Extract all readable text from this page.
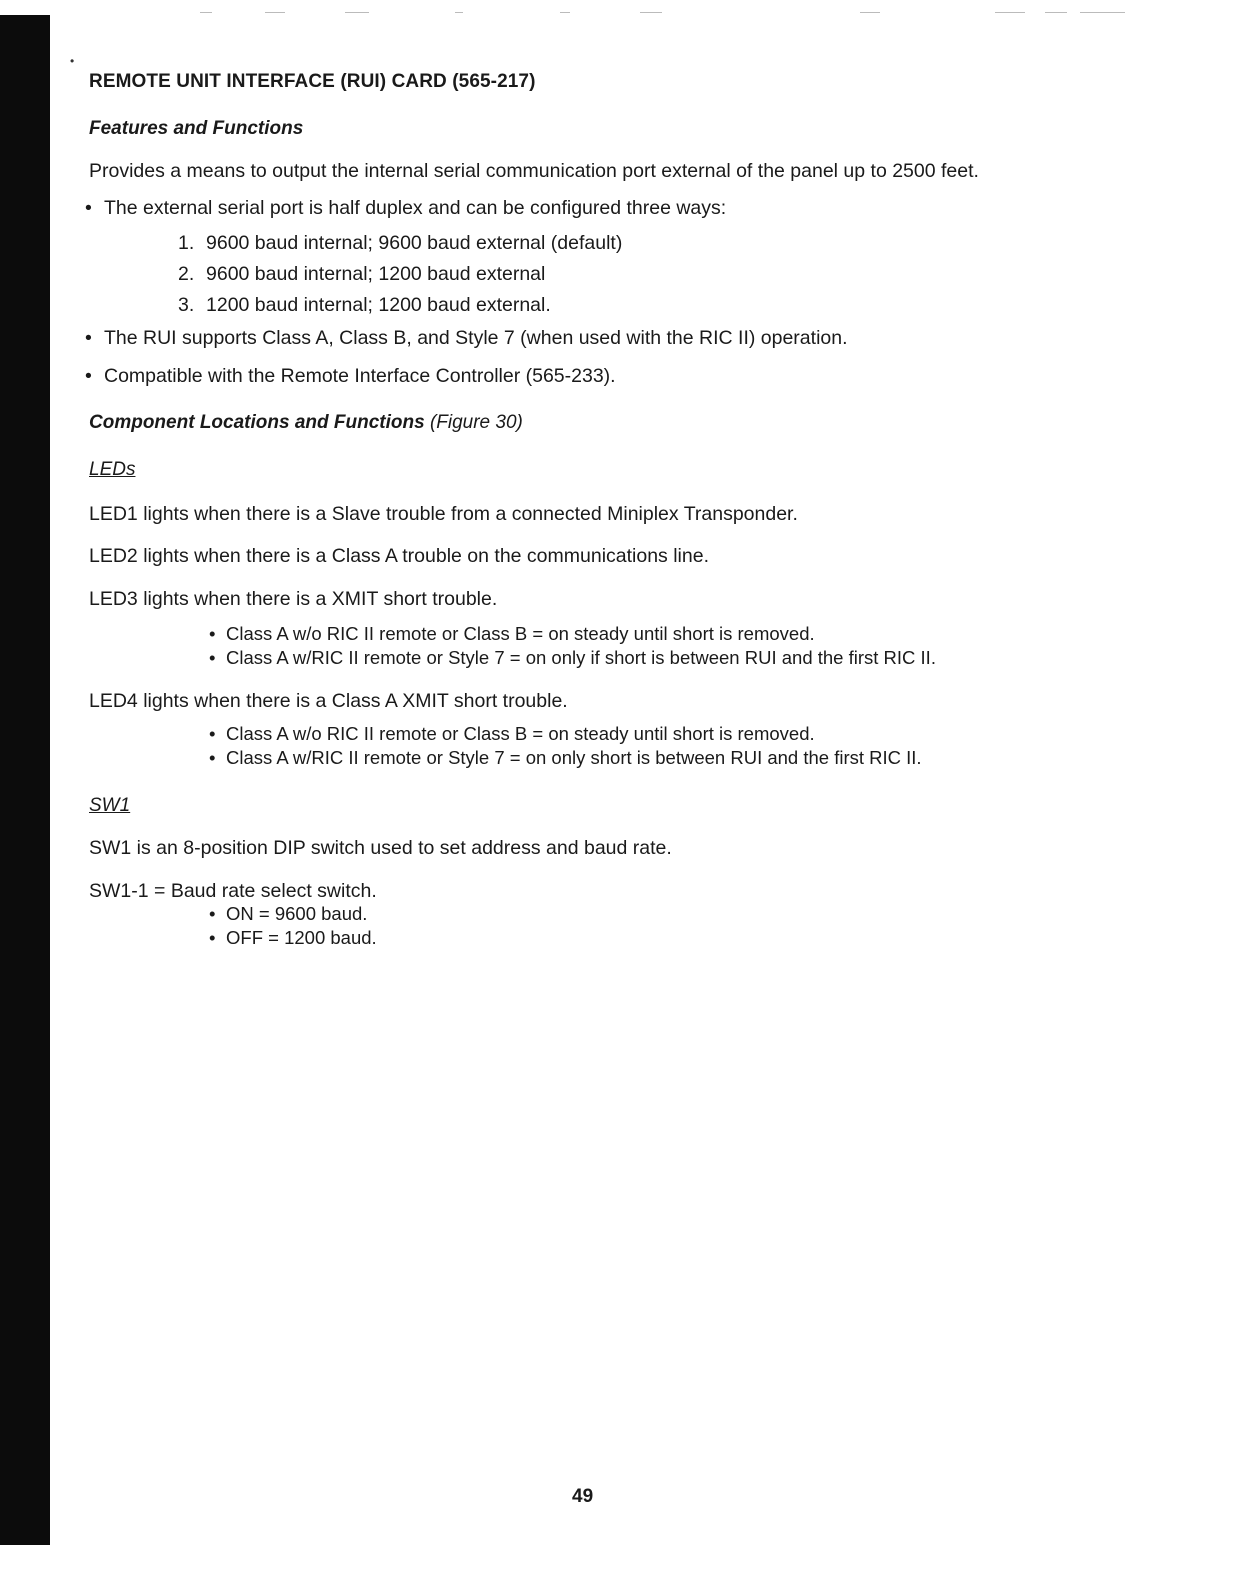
•
REMOTE UNIT INTERFACE (RUI) CARD (565-217)
Features and Functions
Provides a means to output the internal serial communication port external of the panel up to 2500 feet.
• The external serial port is half duplex and can be configured three ways:
1. 9600 baud internal; 9600 baud external (default)
2. 9600 baud internal; 1200 baud external
3. 1200 baud internal; 1200 baud external.
• The RUI supports Class A, Class B, and Style 7 (when used with the RIC II) operation.
• Compatible with the Remote Interface Controller (565-233).
Component Locations and Functions (Figure 30)
LEDs
LED1 lights when there is a Slave trouble from a connected Miniplex Transponder.
LED2 lights when there is a Class A trouble on the communications line.
LED3 lights when there is a XMIT short trouble.
• Class A w/o RIC II remote or Class B = on steady until short is removed.
• Class A w/RIC II remote or Style 7 = on only if short is between RUI and the first RIC II.
LED4 lights when there is a Class A XMIT short trouble.
• Class A w/o RIC II remote or Class B = on steady until short is removed.
• Class A w/RIC II remote or Style 7 = on only short is between RUI and the first RIC II.
SW1
SW1 is an 8-position DIP switch used to set address and baud rate.
SW1-1 = Baud rate select switch.
• ON = 9600 baud.
• OFF = 1200 baud.
49
